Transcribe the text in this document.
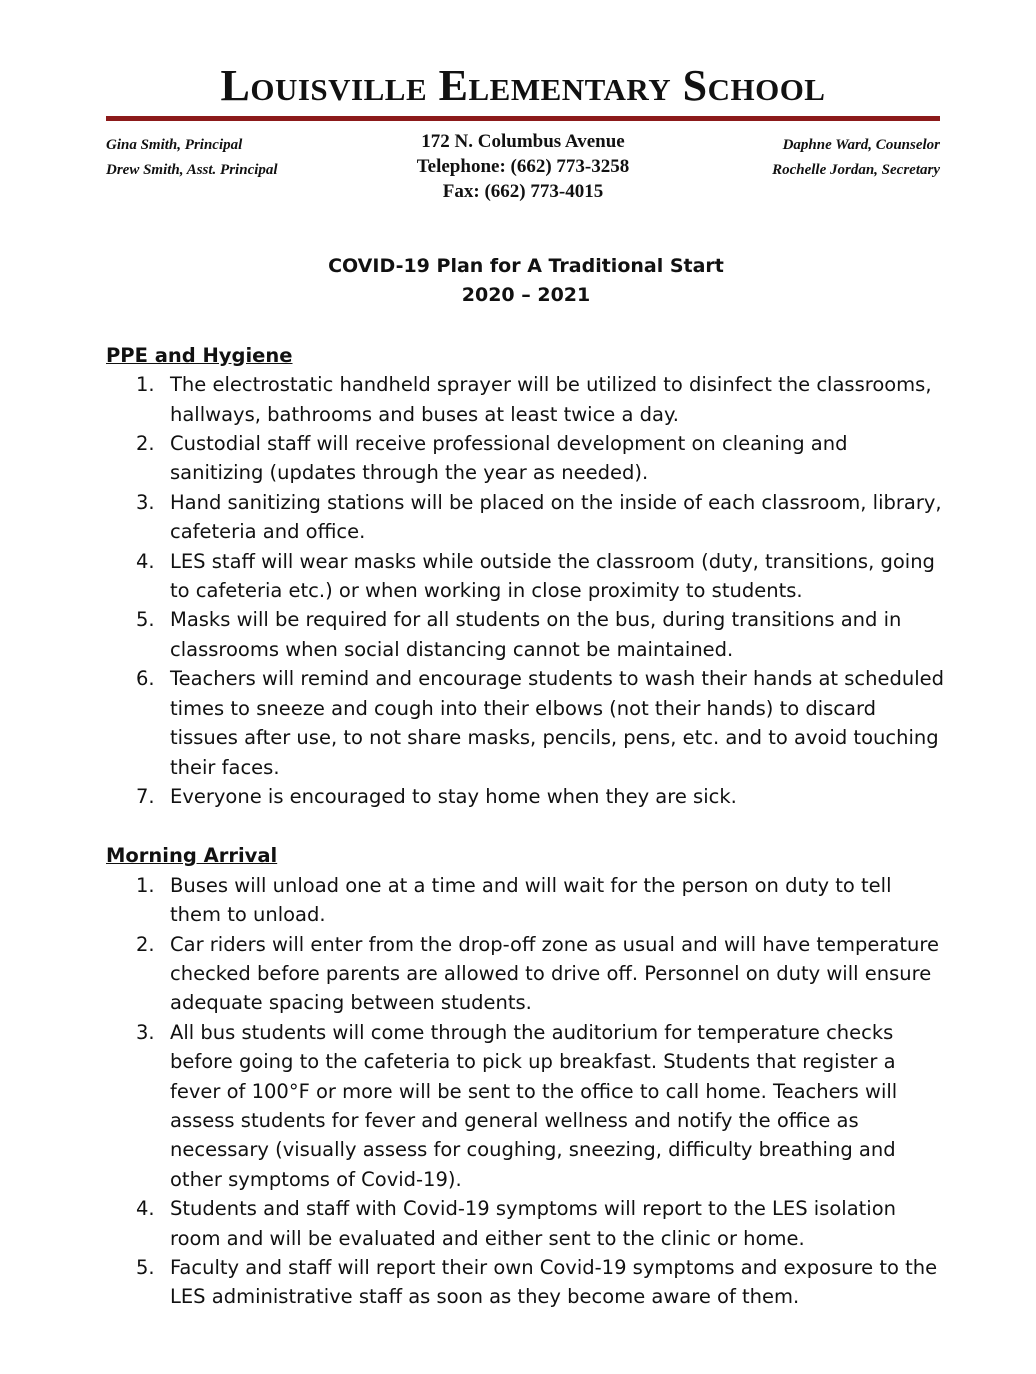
Louisville Elementary School
Gina Smith, Principal
Drew Smith, Asst. Principal
172 N. Columbus Avenue
Telephone: (662) 773-3258
Fax: (662) 773-4015
Daphne Ward, Counselor
Rochelle Jordan, Secretary
COVID-19 Plan for A Traditional Start
2020 – 2021
PPE and Hygiene
1. The electrostatic handheld sprayer will be utilized to disinfect the classrooms, hallways, bathrooms and buses at least twice a day.
2. Custodial staff will receive professional development on cleaning and sanitizing (updates through the year as needed).
3. Hand sanitizing stations will be placed on the inside of each classroom, library, cafeteria and office.
4. LES staff will wear masks while outside the classroom (duty, transitions, going to cafeteria etc.) or when working in close proximity to students.
5. Masks will be required for all students on the bus, during transitions and in classrooms when social distancing cannot be maintained.
6. Teachers will remind and encourage students to wash their hands at scheduled times to sneeze and cough into their elbows (not their hands) to discard tissues after use, to not share masks, pencils, pens, etc. and to avoid touching their faces.
7. Everyone is encouraged to stay home when they are sick.
Morning Arrival
1. Buses will unload one at a time and will wait for the person on duty to tell them to unload.
2. Car riders will enter from the drop-off zone as usual and will have temperature checked before parents are allowed to drive off. Personnel on duty will ensure adequate spacing between students.
3. All bus students will come through the auditorium for temperature checks before going to the cafeteria to pick up breakfast. Students that register a fever of 100°F or more will be sent to the office to call home. Teachers will assess students for fever and general wellness and notify the office as necessary (visually assess for coughing, sneezing, difficulty breathing and other symptoms of Covid-19).
4. Students and staff with Covid-19 symptoms will report to the LES isolation room and will be evaluated and either sent to the clinic or home.
5. Faculty and staff will report their own Covid-19 symptoms and exposure to the LES administrative staff as soon as they become aware of them.
